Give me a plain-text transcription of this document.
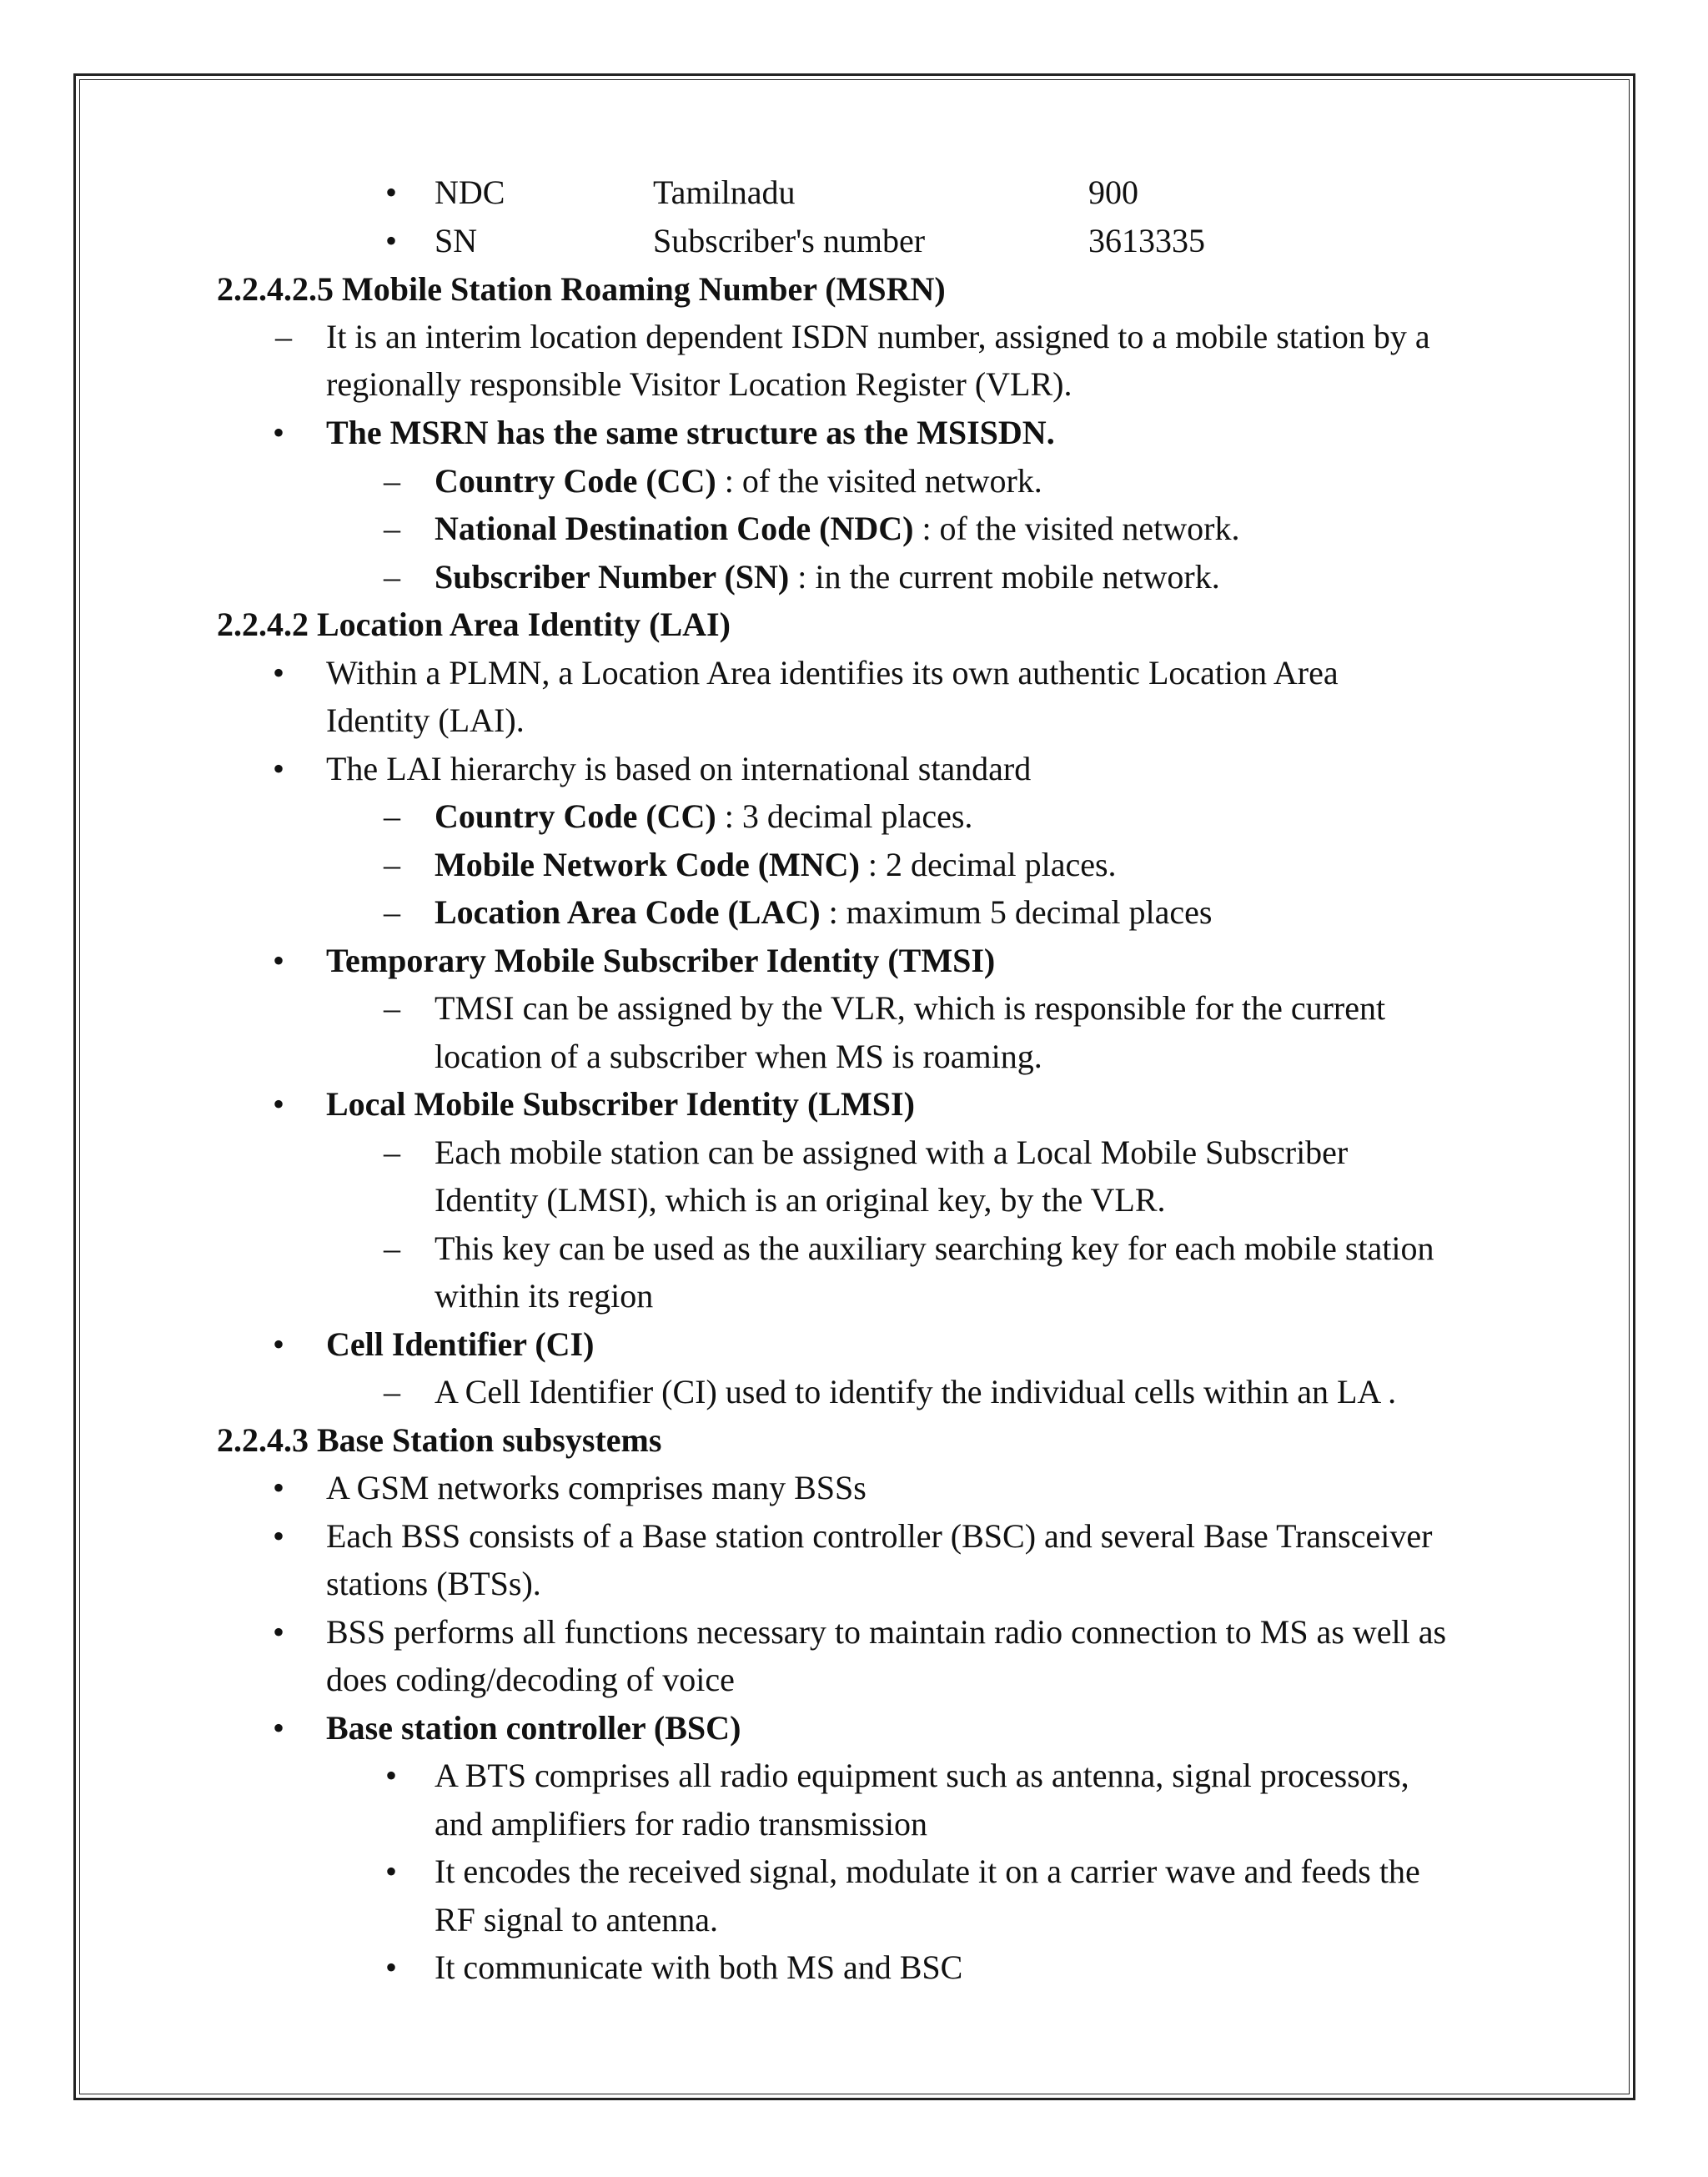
• NDC	Tamilnadu	900
• SN	Subscriber's number	3613335
2.2.4.2.5 Mobile Station Roaming Number (MSRN)
– It is an interim location dependent ISDN number, assigned to a mobile station by a
regionally responsible Visitor Location Register (VLR).
• The MSRN has the same structure as the MSISDN.
– Country Code (CC) : of the visited network.
– National Destination Code (NDC) : of the visited network.
– Subscriber Number (SN) : in the current mobile network.
2.2.4.2 Location Area Identity (LAI)
• Within a PLMN, a Location Area identifies its own authentic Location Area
Identity (LAI).
• The LAI hierarchy is based on international standard
– Country Code (CC) : 3 decimal places.
– Mobile Network Code (MNC) : 2 decimal places.
– Location Area Code (LAC) : maximum 5 decimal places
• Temporary Mobile Subscriber Identity (TMSI)
– TMSI can be assigned by the VLR, which is responsible for the current
location of a subscriber when MS is roaming.
• Local Mobile Subscriber Identity (LMSI)
– Each mobile station can be assigned with a Local Mobile Subscriber
Identity (LMSI), which is an original key, by the VLR.
– This key can be used as the auxiliary searching key for each mobile station
within its region
• Cell Identifier (CI)
– A Cell Identifier (CI) used to identify the individual cells within an LA .
2.2.4.3 Base Station subsystems
• A GSM networks comprises many BSSs
• Each BSS consists of a Base station controller (BSC) and several Base Transceiver
stations (BTSs).
• BSS performs all functions necessary to maintain radio connection to MS as well as
does coding/decoding of voice
• Base station controller (BSC)
• A BTS comprises all radio equipment such as antenna, signal processors,
and amplifiers for radio transmission
• It encodes the received signal, modulate it on a carrier wave and feeds the
RF signal to antenna.
• It communicate with both MS and BSC
